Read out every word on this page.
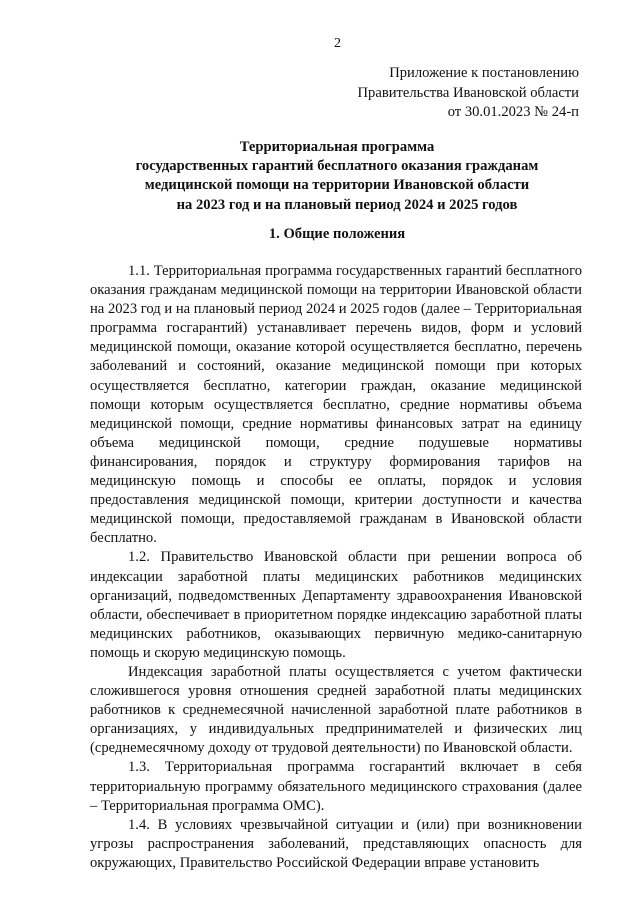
2
Приложение к постановлению
Правительства Ивановской области
от 30.01.2023 № 24-п
Территориальная программа
государственных гарантий бесплатного оказания гражданам
медицинской помощи на территории Ивановской области
на 2023 год и на плановый период 2024 и 2025 годов
1. Общие положения

1.1. Территориальная программа государственных гарантий бесплатного оказания гражданам медицинской помощи на территории Ивановской области на 2023 год и на плановый период 2024 и 2025 годов (далее – Территориальная программа госгарантий) устанавливает перечень видов, форм и условий медицинской помощи, оказание которой осуществляется бесплатно, перечень заболеваний и состояний, оказание медицинской помощи при которых осуществляется бесплатно, категории граждан, оказание медицинской помощи которым осуществляется бесплатно, средние нормативы объема медицинской помощи, средние нормативы финансовых затрат на единицу объема медицинской помощи, средние подушевые нормативы финансирования, порядок и структуру формирования тарифов на медицинскую помощь и способы ее оплаты, порядок и условия предоставления медицинской помощи, критерии доступности и качества медицинской помощи, предоставляемой гражданам в Ивановской области бесплатно.

1.2. Правительство Ивановской области при решении вопроса об индексации заработной платы медицинских работников медицинских организаций, подведомственных Департаменту здравоохранения Ивановской области, обеспечивает в приоритетном порядке индексацию заработной платы медицинских работников, оказывающих первичную медико-санитарную помощь и скорую медицинскую помощь.

Индексация заработной платы осуществляется с учетом фактически сложившегося уровня отношения средней заработной платы медицинских работников к среднемесячной начисленной заработной плате работников в организациях, у индивидуальных предпринимателей и физических лиц (среднемесячному доходу от трудовой деятельности) по Ивановской области.

1.3. Территориальная программа госгарантий включает в себя территориальную программу обязательного медицинского страхования (далее – Территориальная программа ОМС).

1.4. В условиях чрезвычайной ситуации и (или) при возникновении угрозы распространения заболеваний, представляющих опасность для окружающих, Правительство Российской Федерации вправе установить
